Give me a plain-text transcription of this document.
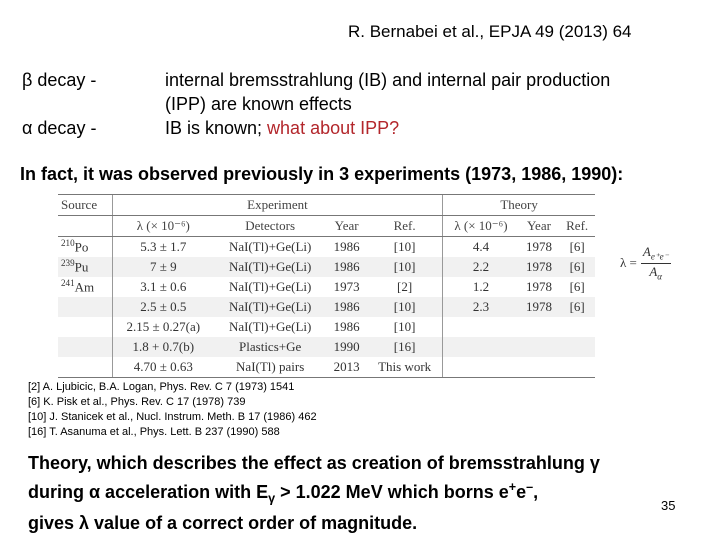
R. Bernabei et al., EPJA 49 (2013) 64
β decay -
α decay -
internal bremsstrahlung (IB) and internal pair production
(IPP) are known effects
IB is known; what about IPP?
In fact, it was observed previously in 3 experiments (1973, 1986, 1990):
Source	Experiment				Theory		
	λ (× 10⁻⁶)	Detectors	Year	Ref.	λ (× 10⁻⁶)	Year	Ref.
$^{210}$Po	5.3 ± 1.7	NaI(Tl)+Ge(Li)	1986	[10]	4.4	1978	[6]
$^{239}$Pu	7 ± 9	NaI(Tl)+Ge(Li)	1986	[10]	2.2	1978	[6]
$^{241}$Am	3.1 ± 0.6	NaI(Tl)+Ge(Li)	1973	[2]	1.2	1978	[6]
	2.5 ± 0.5	NaI(Tl)+Ge(Li)	1986	[10]	2.3	1978	[6]
	2.15 ± 0.27(a)	NaI(Tl)+Ge(Li)	1986	[10]			
	1.8 + 0.7(b)	Plastics+Ge	1990	[16]			
	4.70 ± 0.63	NaI(Tl) pairs	2013	This work			
$\lambda = \frac{A_{e^+e^-}}{A_\alpha}$
[2] A. Ljubicic, B.A. Logan, Phys. Rev. C 7 (1973) 1541
[6] K. Pisk et al., Phys. Rev. C 17 (1978) 739
[10] J. Stanicek et al., Nucl. Instrum. Meth. B 17 (1986) 462
[16] T. Asanuma et al., Phys. Lett. B 237 (1990) 588
Theory, which describes the effect as creation of bremsstrahlung γ
during α acceleration with $E_\gamma > 1.022$ MeV which borns e+e–,
gives λ value of a correct order of magnitude.
35
